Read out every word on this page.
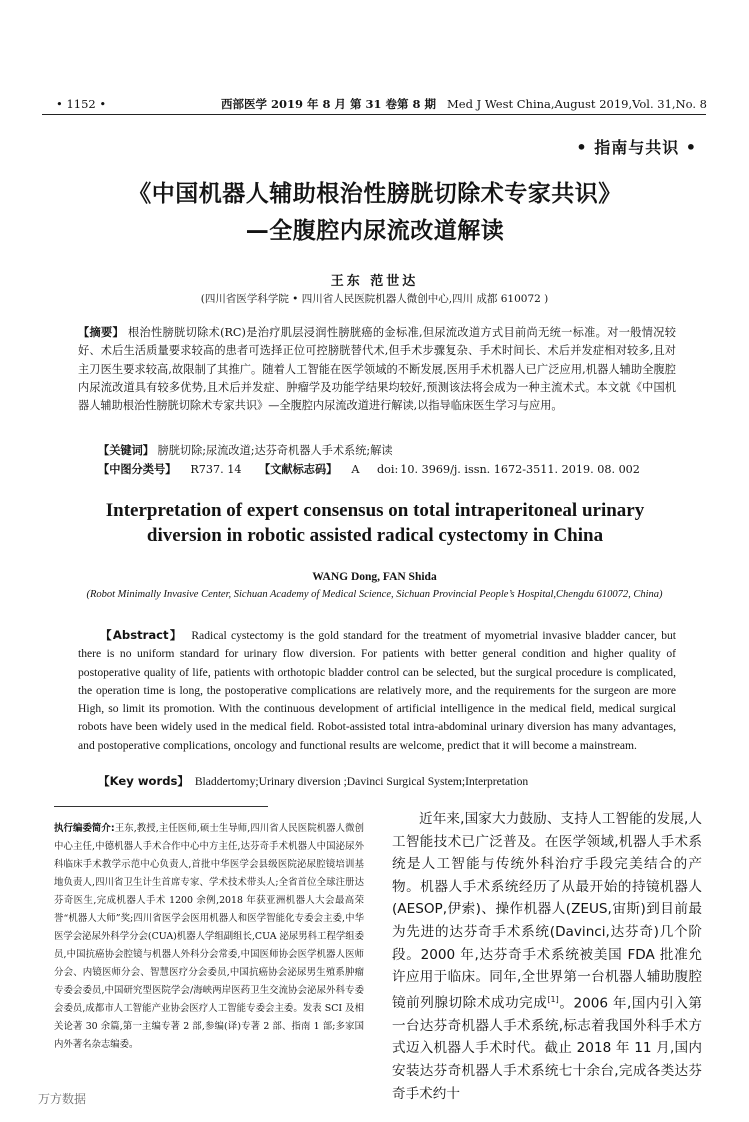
• 1152 •	西部医学 2019 年 8 月 第 31 卷第 8 期 Med J West China,August 2019,Vol. 31,No. 8
• 指南与共识 •
《中国机器人辅助根治性膀胱切除术专家共识》
—全腹腔内尿流改道解读
王东 范世达
(四川省医学科学院 • 四川省人民医院机器人微创中心,四川 成都 610072 )
【摘要】 根治性膀胱切除术(RC)是治疗肌层浸润性膀胱癌的金标准,但尿流改道方式目前尚无统一标准。对一般情况较好、术后生活质量要求较高的患者可选择正位可控膀胱替代术,但手术步骤复杂、手术时间长、术后并发症相对较多,且对主刀医生要求较高,故限制了其推广。随着人工智能在医学领域的不断发展,医用手术机器人已广泛应用,机器人辅助全腹腔内尿流改道具有较多优势,且术后并发症、肿瘤学及功能学结果均较好,预测该法将会成为一种主流术式。本文就《中国机器人辅助根治性膀胱切除术专家共识》—全腹腔内尿流改道进行解读,以指导临床医生学习与应用。
【关键词】 膀胱切除;尿流改道;达芬奇机器人手术系统;解读
【中图分类号】 R737. 14 【文献标志码】 A doi: 10. 3969/j. issn. 1672-3511. 2019. 08. 002
Interpretation of expert consensus on total intraperitoneal urinary
diversion in robotic assisted radical cystectomy in China
WANG Dong, FAN Shida
(Robot Minimally Invasive Center, Sichuan Academy of Medical Science, Sichuan Provincial People’s Hospital,Chengdu 610072, China)
【Abstract】 Radical cystectomy is the gold standard for the treatment of myometrial invasive bladder cancer, but there is no uniform standard for urinary flow diversion. For patients with better general condition and higher quality of postoperative quality of life, patients with orthotopic bladder control can be selected, but the surgical procedure is complicated, the operation time is long, the postoperative complications are relatively more, and the requirements for the surgeon are more High, so limit its promotion. With the continuous development of artificial intelligence in the medical field, medical surgical robots have been widely used in the medical field. Robot-assisted total intra-abdominal urinary diversion has many advantages, and postoperative complications, oncology and functional results are welcome, predict that it will become a mainstream.
【Key words】 Bladdertomy;Urinary diversion ;Davinci Surgical System;Interpretation
执行编委简介:王东,教授,主任医师,硕士生导师,四川省人民医院机器人微创中心主任,中德机器人手术合作中心中方主任,达芬奇手术机器人中国泌尿外科临床手术教学示范中心负责人,首批中华医学会县级医院泌尿腔镜培训基地负责人,四川省卫生计生首席专家、学术技术带头人;全省首位全球注册达芬奇医生,完成机器人手术 1200 余例,2018 年获亚洲机器人大会最高荣誉“机器人大师”奖;四川省医学会医用机器人和医学智能化专委会主委,中华医学会泌尿外科学分会(CUA)机器人学组副组长,CUA 泌尿男科工程学组委员,中国抗癌协会腔镜与机器人外科分会常委,中国医师协会医学机器人医师分会、内镜医师分会、智慧医疗分会委员,中国抗癌协会泌尿男生殖系肿瘤专委会委员,中国研究型医院学会/海峡两岸医药卫生交流协会泌尿外科专委会委员,成都市人工智能产业协会医疗人工智能专委会主委。发表 SCI 及相关论著 30 余篇,第一主编专著 2 部,参编(译)专著 2 部、指南 1 部;多家国内外著名杂志编委。
近年来,国家大力鼓励、支持人工智能的发展,人工智能技术已广泛普及。在医学领域,机器人手术系统是人工智能与传统外科治疗手段完美结合的产物。机器人手术系统经历了从最开始的持镜机器人(AESOP,伊索)、操作机器人(ZEUS,宙斯)到目前最为先进的达芬奇手术系统(Davinci,达芬奇)几个阶段。2000 年,达芬奇手术系统被美国 FDA 批准允许应用于临床。同年,全世界第一台机器人辅助腹腔镜前列腺切除术成功完成[1]。2006 年,国内引入第一台达芬奇机器人手术系统,标志着我国外科手术方式迈入机器人手术时代。截止 2018 年 11 月,国内安装达芬奇机器人手术系统七十余台,完成各类达芬奇手术约十
万方数据
